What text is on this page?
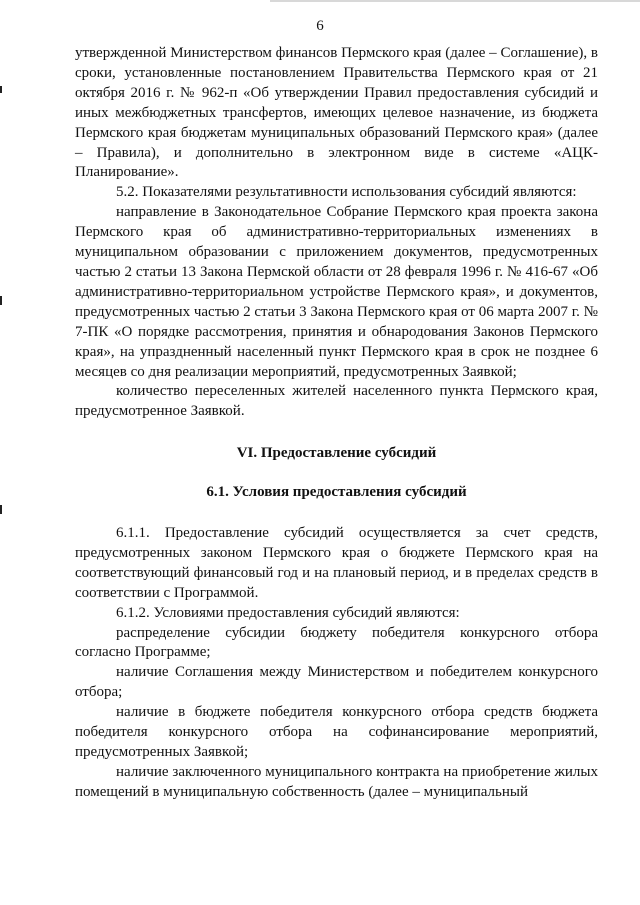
6

утвержденной Министерством финансов Пермского края (далее – Соглашение), в сроки, установленные постановлением Правительства Пермского края от 21 октября 2016 г. № 962-п «Об утверждении Правил предоставления субсидий и иных межбюджетных трансфертов, имеющих целевое назначение, из бюджета Пермского края бюджетам муниципальных образований Пермского края» (далее – Правила), и дополнительно в электронном виде в системе «АЦК-Планирование».

5.2. Показателями результативности использования субсидий являются:

направление в Законодательное Собрание Пермского края проекта закона Пермского края об административно-территориальных изменениях в муниципальном образовании с приложением документов, предусмотренных частью 2 статьи 13 Закона Пермской области от 28 февраля 1996 г. № 416-67 «Об административно-территориальном устройстве Пермского края», и документов, предусмотренных частью 2 статьи 3 Закона Пермского края от 06 марта 2007 г. № 7-ПК «О порядке рассмотрения, принятия и обнародования Законов Пермского края», на упраздненный населенный пункт Пермского края в срок не позднее 6 месяцев со дня реализации мероприятий, предусмотренных Заявкой;

количество переселенных жителей населенного пункта Пермского края, предусмотренное Заявкой.

VI. Предоставление субсидий

6.1. Условия предоставления субсидий

6.1.1. Предоставление субсидий осуществляется за счет средств, предусмотренных законом Пермского края о бюджете Пермского края на соответствующий финансовый год и на плановый период, и в пределах средств в соответствии с Программой.

6.1.2. Условиями предоставления субсидий являются:

распределение субсидии бюджету победителя конкурсного отбора согласно Программе;

наличие Соглашения между Министерством и победителем конкурсного отбора;

наличие в бюджете победителя конкурсного отбора средств бюджета победителя конкурсного отбора на софинансирование мероприятий, предусмотренных Заявкой;

наличие заключенного муниципального контракта на приобретение жилых помещений в муниципальную собственность (далее – муниципальный
